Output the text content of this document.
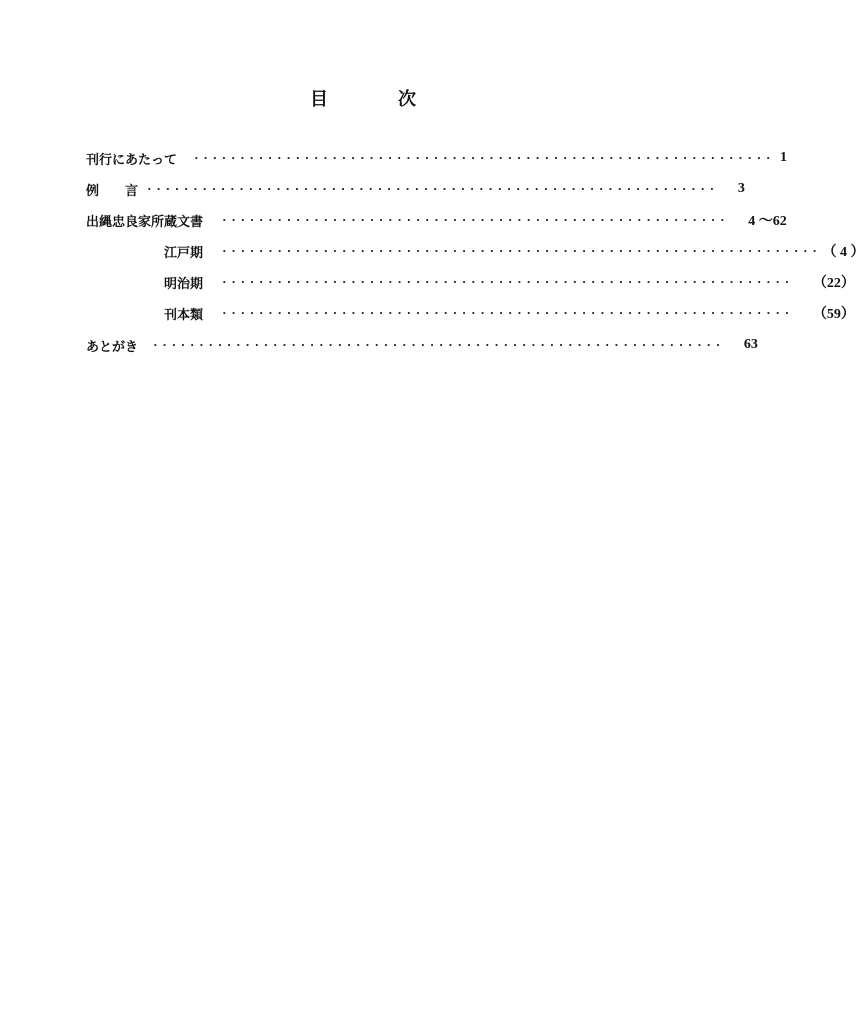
目	次
刊行にあたって ······························································· 1
例　　言 ······························································ 3
出縄忠良家所蔵文書 ······················································· 4 ～62
江戸期 ································································· （ 4 ）
明治期 ······························································ （22）
刊本類 ······························································ （59）
あとがき ······························································ 63
